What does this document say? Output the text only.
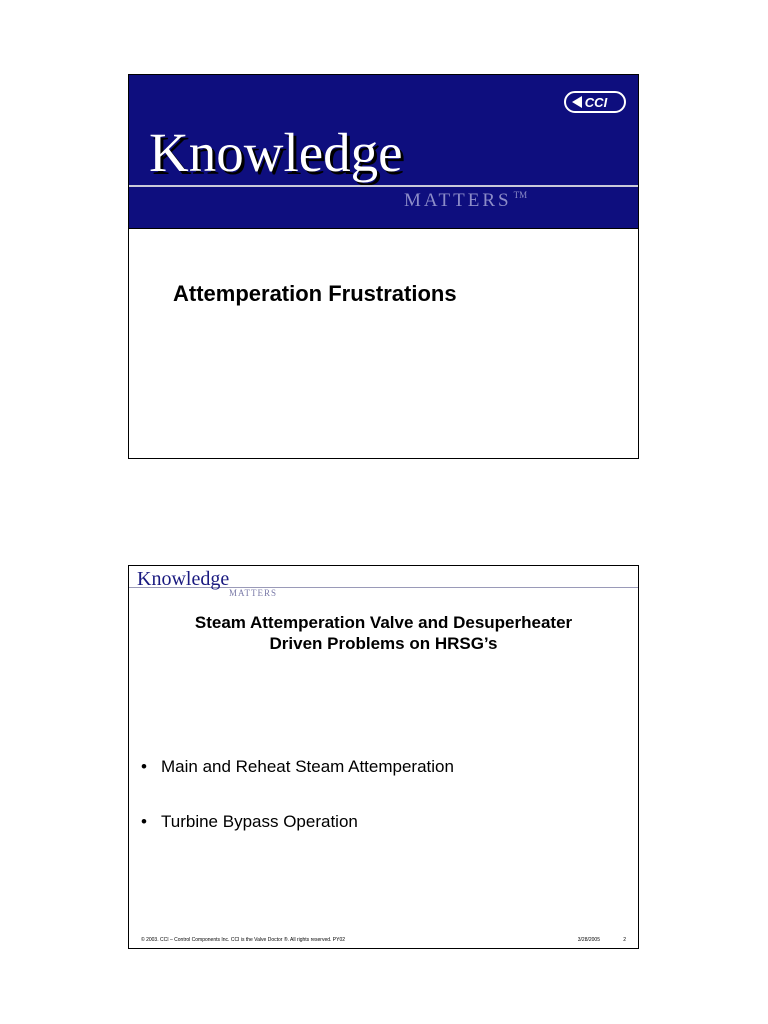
CCI
Knowledge
MATTERS ™
Attemperation Frustrations
Knowledge
MATTERS
Steam Attemperation Valve and Desuperheater
Driven Problems on HRSG’s
• Main and Reheat Steam Attemperation
• Turbine Bypass Operation
© 2003. CCI – Control Components Inc. CCI is the Valve Doctor ®. All rights reserved. PY02	3/28/2005	2
